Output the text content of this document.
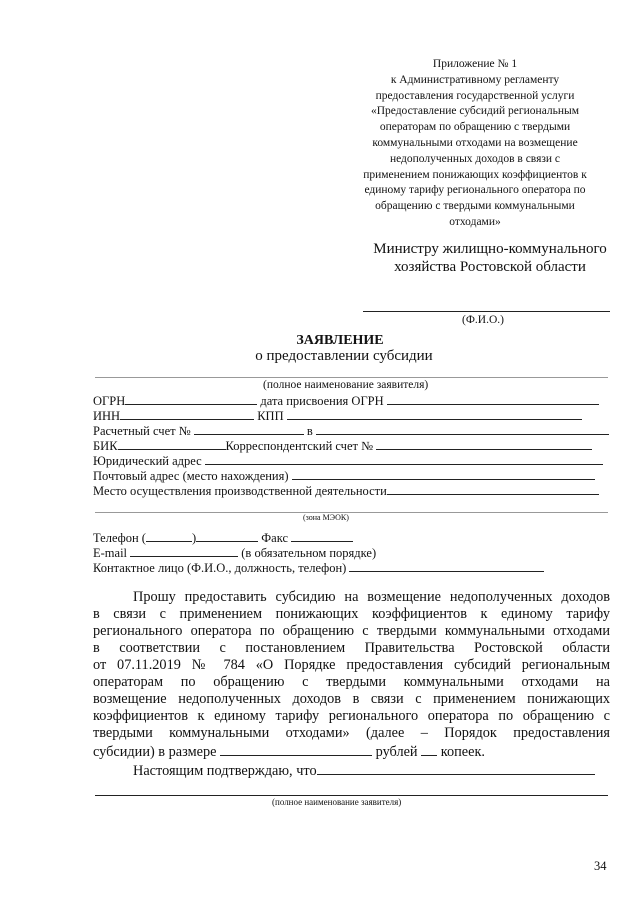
Приложение № 1
к Административному регламенту
предоставления государственной услуги
«Предоставление субсидий региональным
операторам по обращению с твердыми
коммунальными отходами на возмещение
недополученных доходов в связи с
применением понижающих коэффициентов к
единому тарифу регионального оператора по
обращению с твердыми коммунальными
отходами»
Министру жилищно-коммунального
хозяйства Ростовской области
(Ф.И.О.)
ЗАЯВЛЕНИЕ
о предоставлении субсидии
(полное наименование заявителя)
ОГРН	дата присвоения ОГРН
ИНН	КПП
Расчетный счет №	в
БИК	Корреспондентский счет №
Юридический адрес
Почтовый адрес (место нахождения)
Место осуществления производственной деятельности
(зона МЭОК)
Телефон (	)	Факс
E-mail	(в обязательном порядке)
Контактное лицо (Ф.И.О., должность, телефон)
Прошу предоставить субсидию на возмещение недополученных доходов
в связи с применением понижающих коэффициентов к единому тарифу
регионального оператора по обращению с твердыми коммунальными отходами
в соответствии с постановлением Правительства Ростовской области
от 07.11.2019 № 784 «О Порядке предоставления субсидий региональным
операторам по обращению с твердыми коммунальными отходами на
возмещение недополученных доходов в связи с применением понижающих
коэффициентов к единому тарифу регионального оператора по обращению с
твердыми коммунальными отходами» (далее – Порядок предоставления
субсидии) в размере	рублей копеек.
Настоящим подтверждаю, что
(полное наименование заявителя)
34
